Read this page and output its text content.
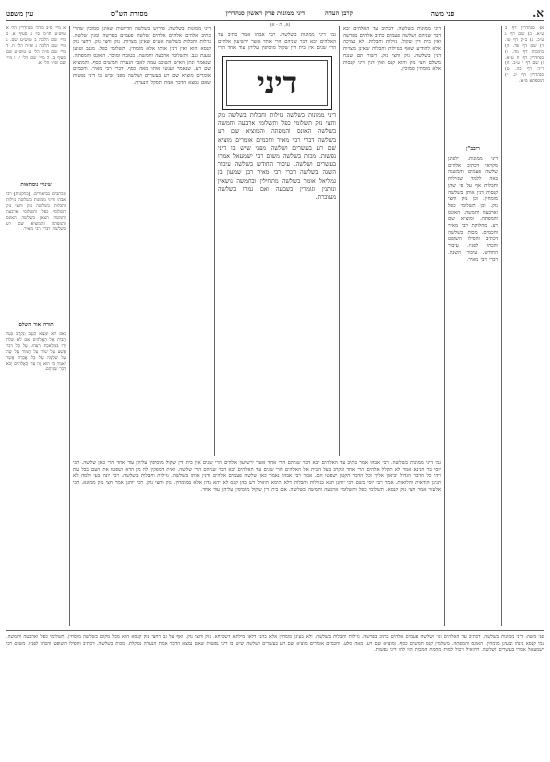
א.
פני משה
קרבן העדה
דיני ממונות פרק ראשון סנהדרין
מסורת הש"ס
עין משפט
(א, ה - א)
א מיי׳ פ״ב מהל׳ סנהדרין הל׳ א טוש״ע חו״מ סי׳ ג סעיף א. ב מיי׳ שם הלכה ב טוש״ע שם. ג מיי׳ שם הלכה ג ופ״ה הל׳ ח. ד מיי׳ שם פ״ה הל׳ ט טוש״ע שם סעיף ב. ה מיי׳ שם הל׳ י. ו מיי׳ שם ופ״ו הל׳ א.
שינויי נוסחאות
ונכתבים בביאורים. [בתקנות] רבי אבהו ודיני ממונות בשלשה גזילות וחבלות בשלשה נזק וחצי נזק תשלומי כפל ותשלומי ארבעה וחמשה הצאן בשלשה האונס והמפתה והמוציא שם רע בשלשה דברי רבי מאיר.
תורה אור השלם
וְאִם לֹא יִמָּצֵא הַגַּנָּב וְנִקְרַב בַּעַל הַבַּיִת אֶל הָאֱלֹהִים אִם לֹא שָׁלַח יָדוֹ בִּמְלֶאכֶת רֵעֵהוּ. עַל כָּל דְּבַר פֶּשַׁע עַל שׁוֹר עַל חֲמוֹר עַל שֶׂה עַל שַׂלְמָה עַל כָּל אֲבֵדָה אֲשֶׁר יֹאמַר כִּי הוּא זֶה עַד הָאֱלֹהִים יָבֹא דְּבַר שְׁנֵיהֶם.
דיני ממונות בשלשה. פירוש בשלשה הדיוטות שאינן סמוכין שהרי כתיב אלהים אלהים אלהים שלשה פעמים בפרשה ומנין שלשה. גזילות וחבלות בשלשה אע״פ שאינן מצויות. נזק וחצי נזק. דחצי נזק קנסא הוא ואין דנין אותו אלא מומחין. תשלומי כפל. מגנב וטוען טענת גנב. ותשלומי ארבעה וחמשה. בטובח ומוכר. האונס והמפתה. שנאמר ונתן האיש השוכב עמה לאבי הנערה חמשים כסף. והמוציא שם רע. שנאמר וענשו אותו מאה כסף. דברי רבי מאיר. וחכמים אומרים מוציא שם רע בעשרים ושלשה מפני שיש בו דיני נפשות שאם נמצא הדבר אמת תסקל הנערה. דיני
דיני ממונות בשלשה גזילות וחבלות בשלשה נזק וחצי נזק תשלומי כפל ותשלומי ארבעה וחמשה בשלשה האונס והמפתה והמוציא שם רע בשלשה דברי רבי מאיר וחכמים אומרים מוציא שם רע בעשרים ושלשה מפני שיש בו דיני נפשות. מכות בשלשה משום רבי ישמעאל אמרו בעשרים ושלשה. עיבור החודש בשלשה עיבור השנה בשלשה דברי רבי מאיר רבן שמעון בן גמליאל אומר בשלשה מתחילין ובחמשה נושאין ונותנין וגומרין בשבעה ואם גמרו בשלשה מעוברת.
גמ׳ דיני ממונות בשלשה. רבי אבהו אמר כתיב עד האלהים יבא דבר שניהם הרי אחד אשר ירשיעון אלהים הרי שנים אין בית דין שקול מוסיפין עליהן עוד אחד הרי
דיני ממונות בשלשה. דכתיב עד האלהים יבא דבר שניהם ושלשה פעמים כתיב אלהים בפרשה ואין בית דין שקול. גזילות וחבלות. לא נצרכה אלא להודיע שאף בגזילות וחבלות שאינן מצויות דנין בשלשה. נזק וחצי נזק. דשור תם שנגח משלם חצי נזק והוא קנס ואין דנין דיני קנסות אלא מומחין סמוכין.
ריבב"ן
דיני ממונות. ילפינן מקראי דכתיב אלהים שלשה פעמים והמשנה באה ללמד שגזילות וחבלות אף על פי שהן קנסות דנין אותן בשלשה מומחין. וכן נזק וחצי נזק. וכן תשלומי כפל וארבעה וחמשה. האונס והמפתה. ומוציא שם רע. מחלוקת רבי מאיר וחכמים. מכות בשלשה דכתיב והפילו השופט והכהו לפניו. עיבור החודש. עיבור השנה. דברי רבי מאיר.
א) סנהדרין דף ב ע״א. ב) שם דף ג ע״ב. ג) ב״ק דף טו. ד) שם דף פד. ה) כתובות דף מה. ו) סנהדרין דף ח ע״א. ז) שם דף י ע״ב. ח) ר״ה דף כה. ט) סנהדרין דף יג. י) תוספתא פ״א.
גמ׳ דיני ממונות בשלשה. רבי אבהו אמר כתיב עד האלהים יבא דבר שניהם הרי אחד אשר ירשיעון אלהים הרי שנים אין בית דין שקול מוסיפין עליהן עוד אחד הרי כאן שלשה. רבי יוסי בר חנינא אמר לא תקלל אלהים הרי אחד ונקרב בעל הבית אל האלהים הרי שנים עד האלהים יבא דבר שניהם הרי שלשה. ואית דמפקין לה מן הדא ושפטו את העם בכל עת ויהי כל הדבר הגדול יביאון אליך וכל הדבר הקטן ישפטו הם. אמר רבי אבהו נאמר כאן שלשה פעמים אלהים ודנין אותו בשלשה. גזילות וחבלות בשלשה. רבי יונה בעי ולמה לא תנינן הודאות והלואות. אמר רבי יוסי בשם רבי יוחנן תנא בגזילות וחבלות דלא תימא הואיל ויש בהן קנס לא יהא נדון אלא במומחין. נזק וחצי נזק. רבי יוחנן אמר חצי נזק ממונא. רבי אלעזר אמר חצי נזק קנסא. תשלומי כפל ותשלומי ארבעה וחמשה בשלשה. אם בית דין שקול מוסיפין עליהן עוד אחד.
פני משה: דיני ממונות בשלשה. דכתיב עד האלהים וגו׳ ושלשה פעמים אלהים כתיב בפרשה. גזילות וחבלות בשלשה. ולא בעינן מומחין אלא בהני דלאו מילתא דשכיחא. נזק וחצי נזק. ואף על גב דחצי נזק קנסא הוא מכל מקום בשלשה מומחין. תשלומי כפל וארבעה וחמשה. נמי קנסא נינהו ובעינן מומחין. האונס והמפתה. משלמין קנס חמשים כסף. ומוציא שם רע. מאה סלע. וחכמים אומרים מוציא שם רע בעשרים ושלשה שיש בו דיני נפשות שאם נמצא הדבר אמת הנערה נסקלת. מכות בשלשה. דכתיב והפילו השופט והכהו לפניו. משום רבי ישמעאל אמרו בעשרים ושלשה. דהואיל ויכול למות מחמת המכות הוו להו דיני נפשות.
